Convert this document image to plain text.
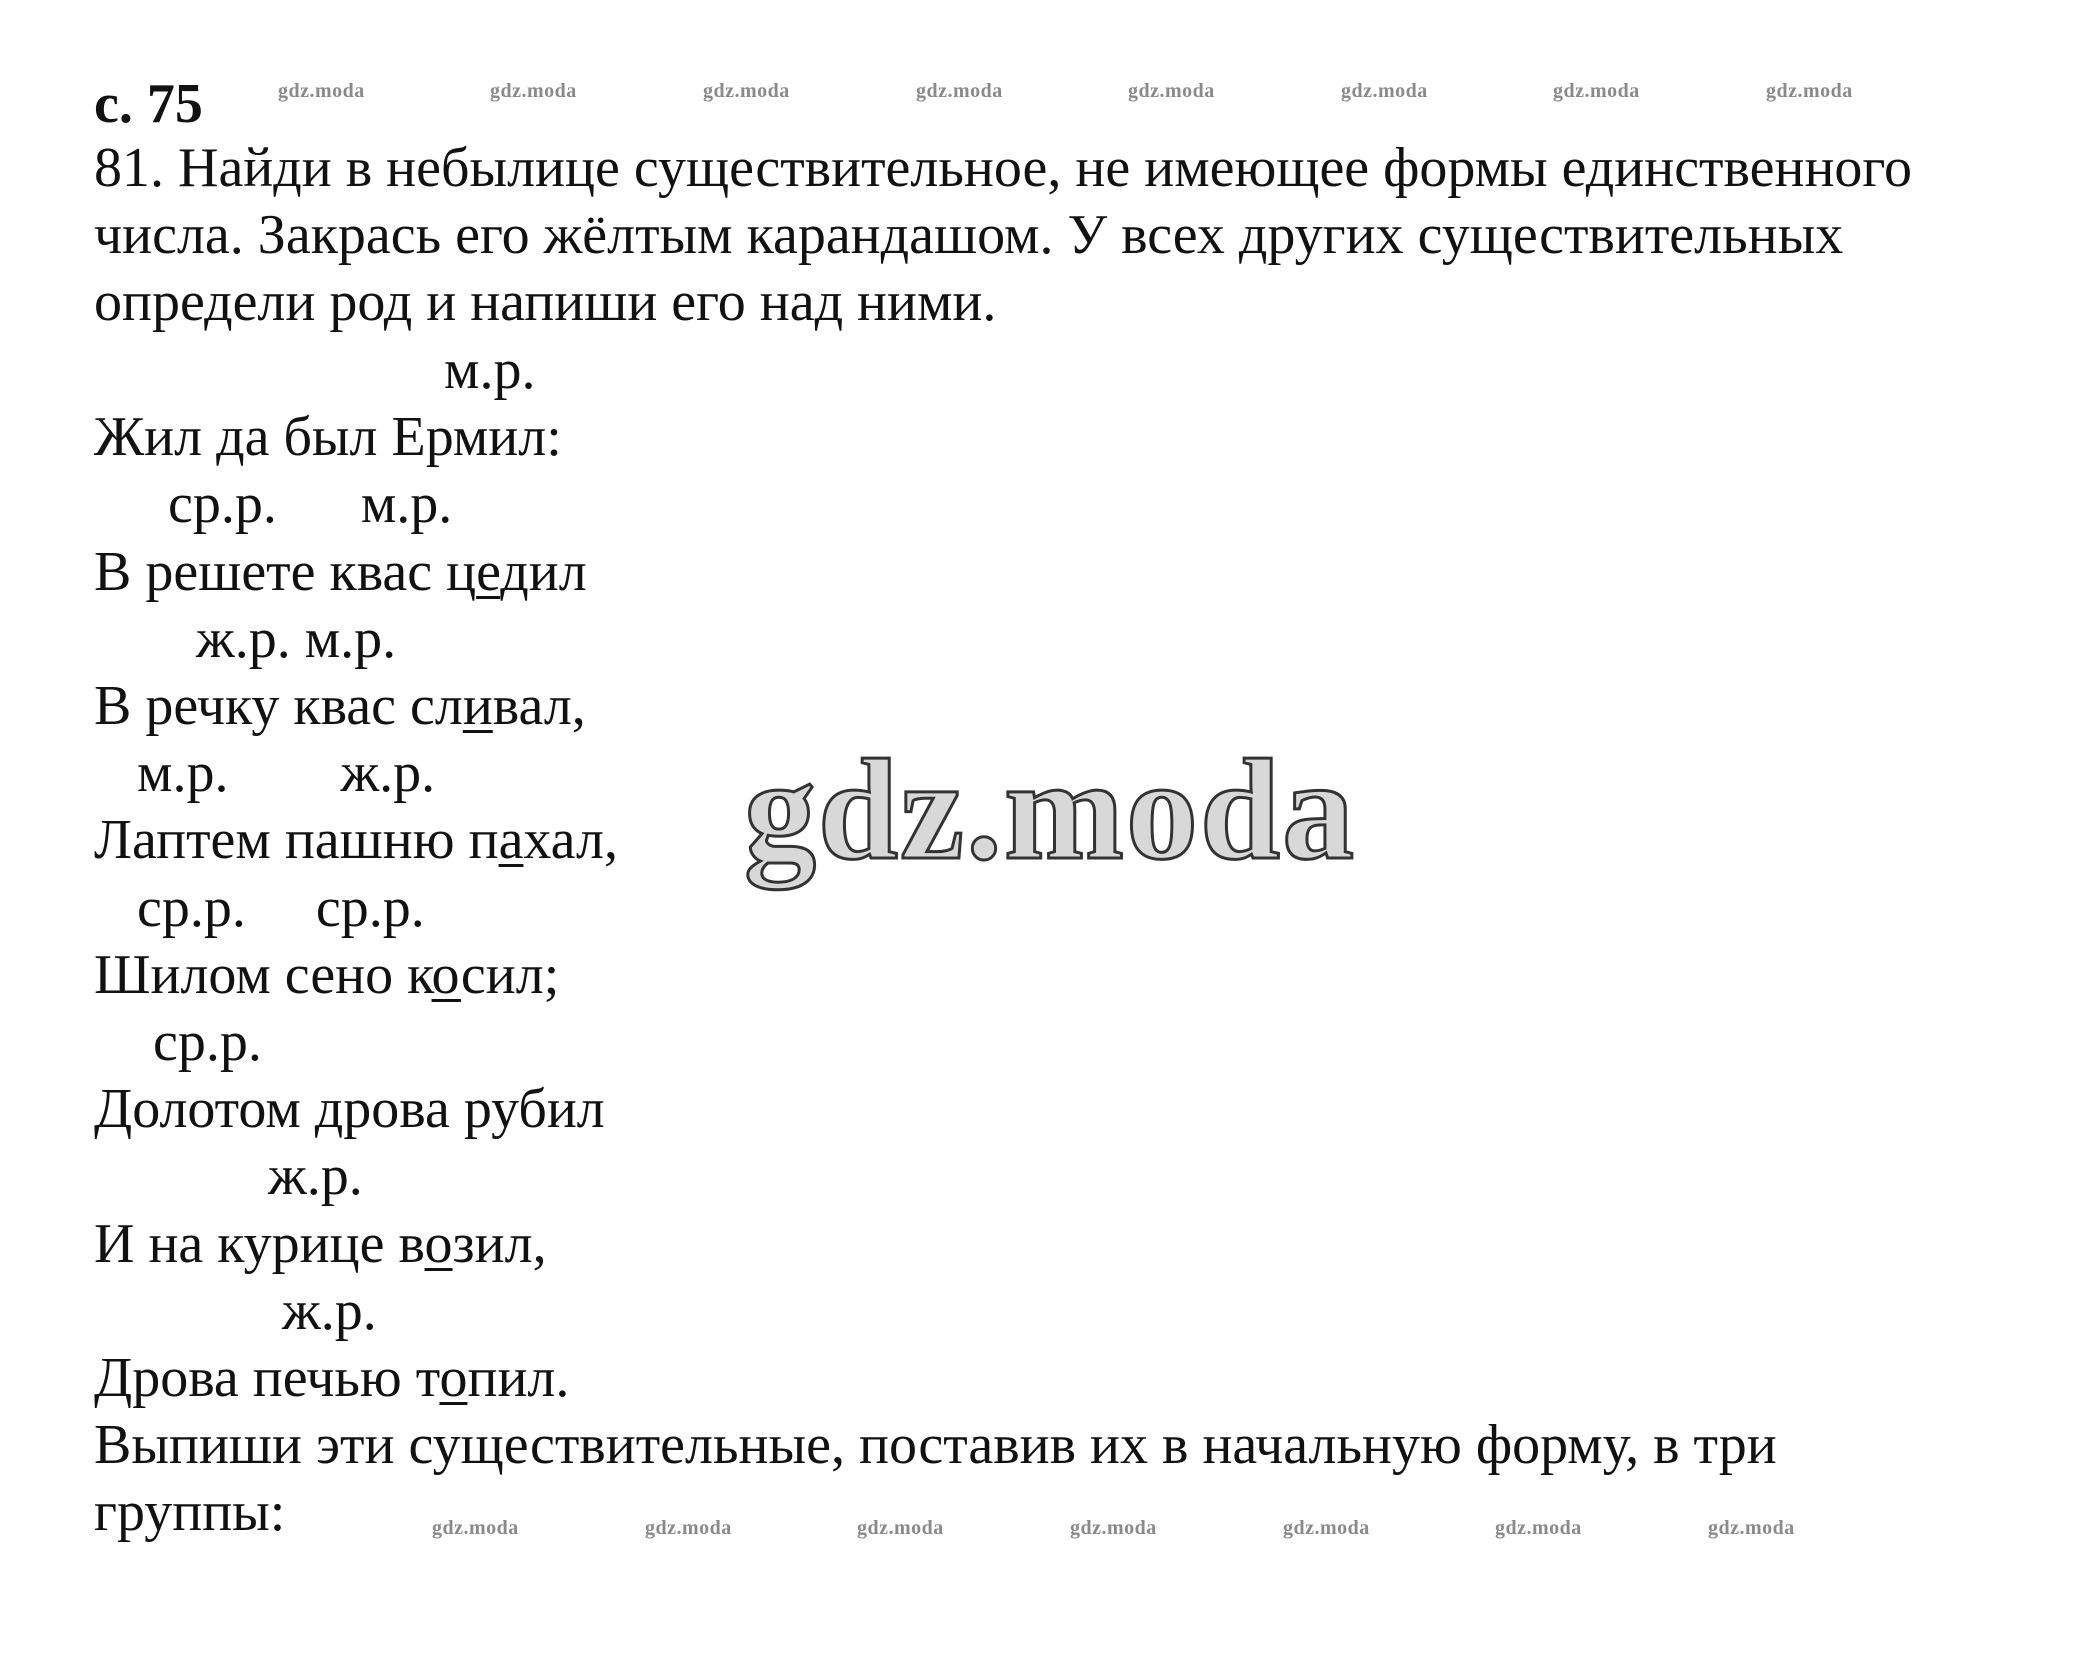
с. 75	gdz.moda	gdz.moda	gdz.moda	gdz.moda	gdz.moda	gdz.moda	gdz.moda	gdz.moda
81. Найди в небылице существительное, не имеющее формы единственного
числа. Закрась его жёлтым карандашом. У всех других существительных
определи род и напиши его над ними.
м.р.
Жил да был Ермил:
ср.р.      м.р.
В решете квас цедил
ж.р. м.р.
В речку квас сливал,
м.р.        ж.р.
Лаптем пашню пахал,
ср.р.     ср.р.
Шилом сено косил;
ср.р.
Долотом дрова рубил
ж.р.
И на курице возил,
ж.р.
Дрова печью топил.
Выпиши эти существительные, поставив их в начальную форму, в три
группы:	gdz.moda	gdz.moda	gdz.moda	gdz.moda	gdz.moda	gdz.moda	gdz.moda
gdz.moda
